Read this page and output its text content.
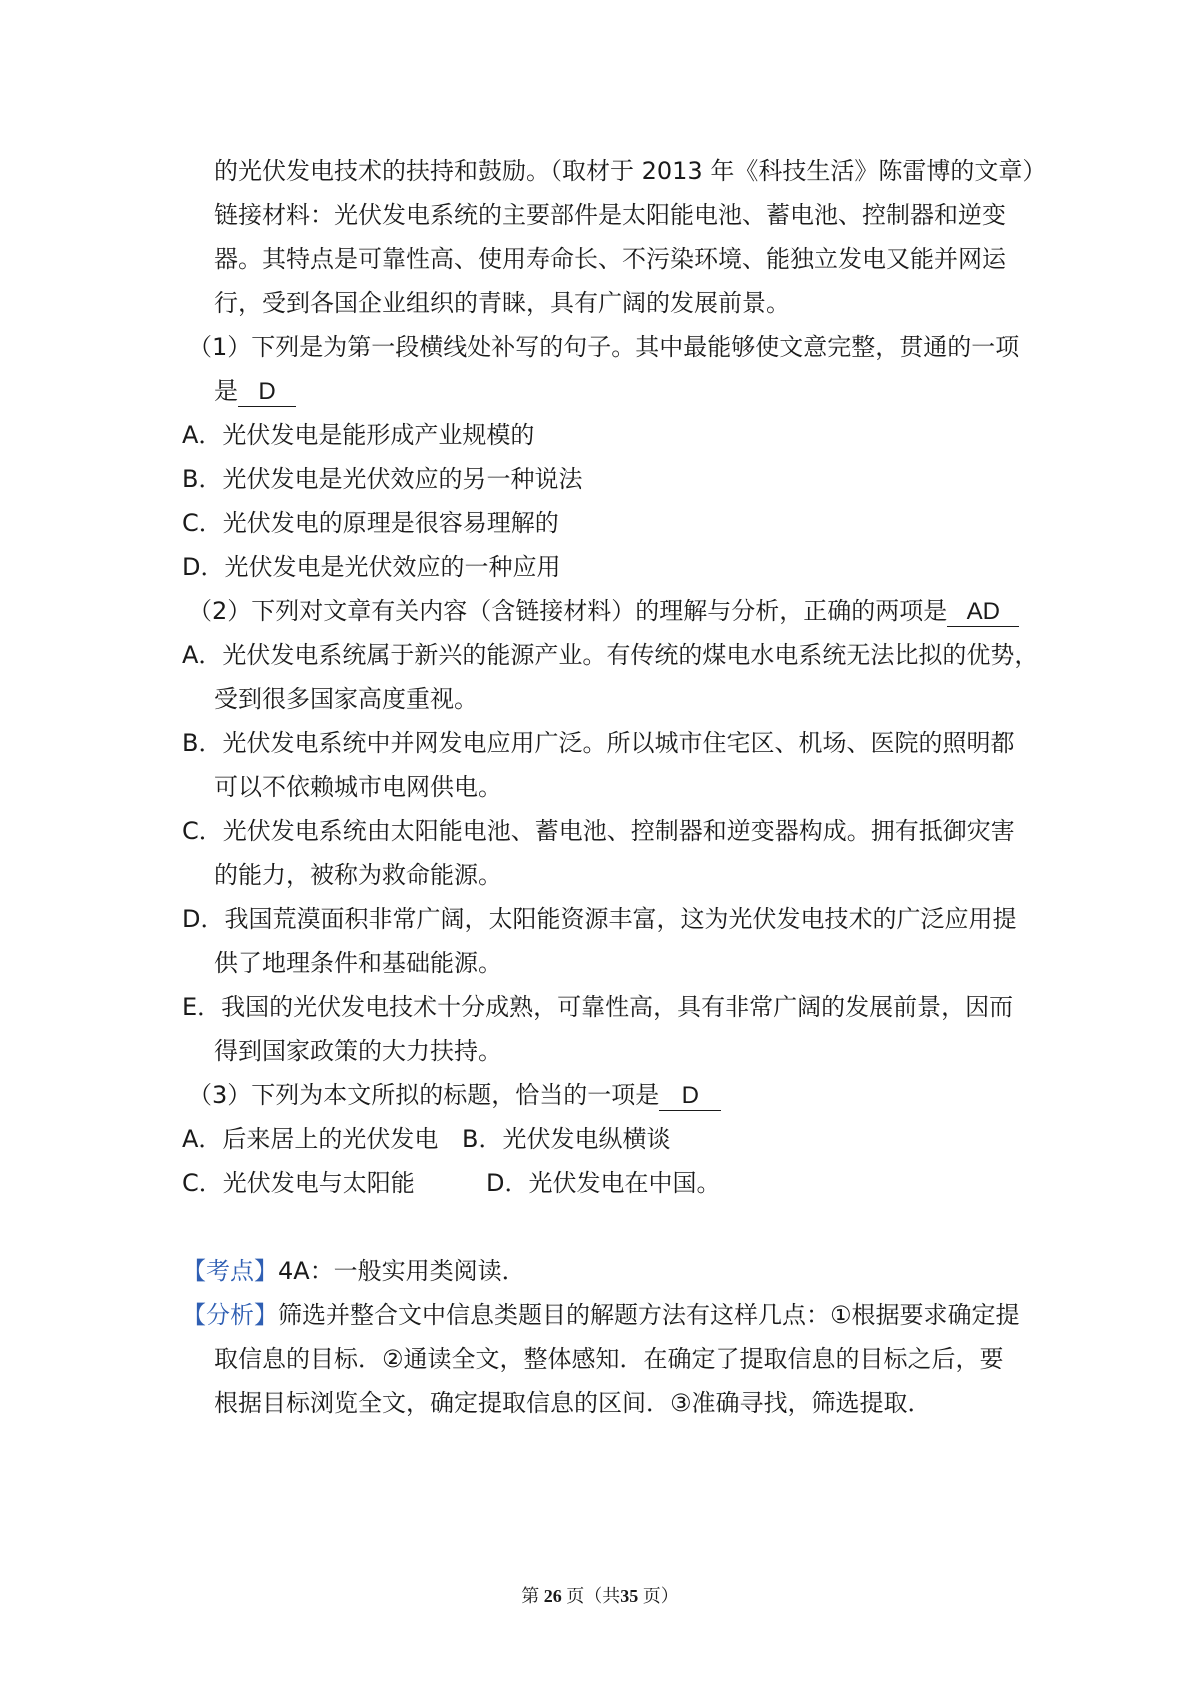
的光伏发电技术的扶持和鼓励。（取材于 2013 年《科技生活》陈雷博的文章）
链接材料：光伏发电系统的主要部件是太阳能电池、蓄电池、控制器和逆变
器。其特点是可靠性高、使用寿命长、不污染环境、能独立发电又能并网运
行，受到各国企业组织的青睐，具有广阔的发展前景。
（1）下列是为第一段横线处补写的句子。其中最能够使文意完整，贯通的一项
是 D
A．光伏发电是能形成产业规模的
B．光伏发电是光伏效应的另一种说法
C．光伏发电的原理是很容易理解的
D．光伏发电是光伏效应的一种应用
（2）下列对文章有关内容（含链接材料）的理解与分析，正确的两项是 AD
A．光伏发电系统属于新兴的能源产业。有传统的煤电水电系统无法比拟的优势，
受到很多国家高度重视。
B．光伏发电系统中并网发电应用广泛。所以城市住宅区、机场、医院的照明都
可以不依赖城市电网供电。
C．光伏发电系统由太阳能电池、蓄电池、控制器和逆变器构成。拥有抵御灾害
的能力，被称为救命能源。
D．我国荒漠面积非常广阔，太阳能资源丰富，这为光伏发电技术的广泛应用提
供了地理条件和基础能源。
E．我国的光伏发电技术十分成熟，可靠性高，具有非常广阔的发展前景，因而
得到国家政策的大力扶持。
（3）下列为本文所拟的标题，恰当的一项是 D
A．后来居上的光伏发电 B．光伏发电纵横谈
C．光伏发电与太阳能	D．光伏发电在中国。
【考点】4A：一般实用类阅读．
【分析】筛选并整合文中信息类题目的解题方法有这样几点：①根据要求确定提
取信息的目标．②通读全文，整体感知．在确定了提取信息的目标之后，要
根据目标浏览全文，确定提取信息的区间．③准确寻找，筛选提取．
第 26 页（共35 页）
